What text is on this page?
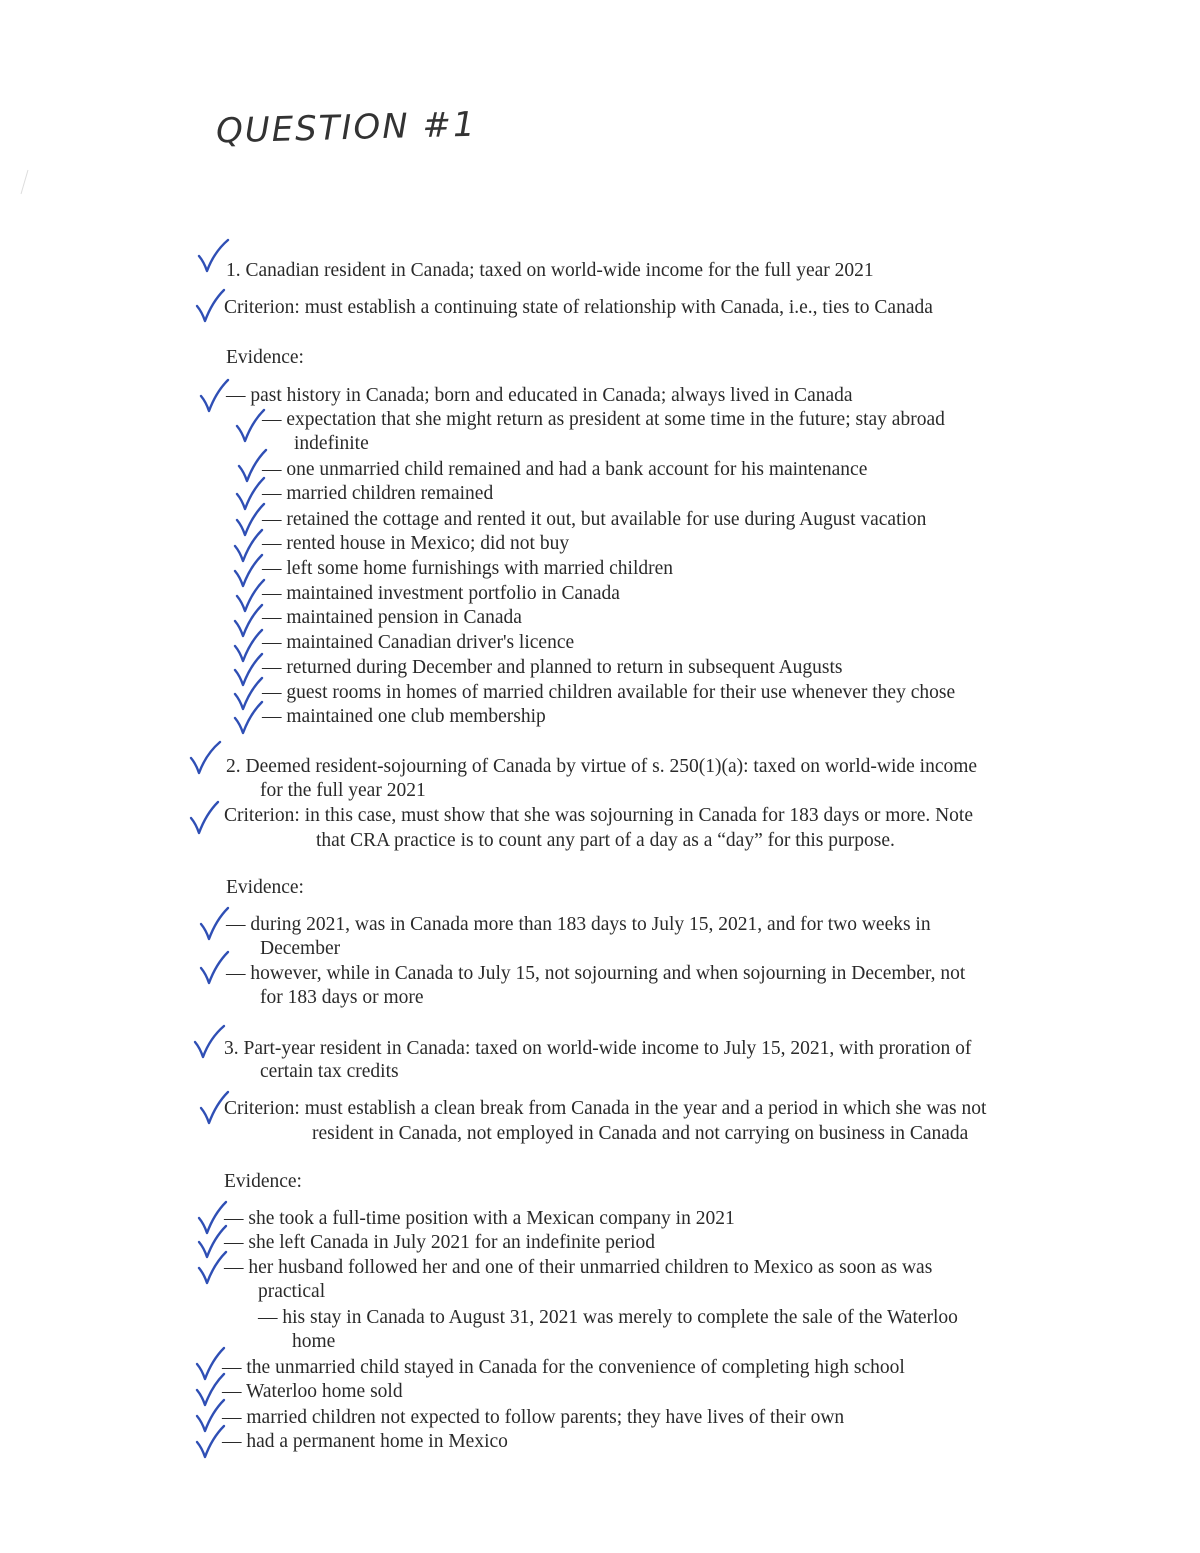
QUESTION #1
1. Canadian resident in Canada; taxed on world-wide income for the full year 2021
Criterion: must establish a continuing state of relationship with Canada, i.e., ties to Canada
Evidence:
— past history in Canada; born and educated in Canada; always lived in Canada
— expectation that she might return as president at some time in the future; stay abroad
indefinite
— one unmarried child remained and had a bank account for his maintenance
— married children remained
— retained the cottage and rented it out, but available for use during August vacation
— rented house in Mexico; did not buy
— left some home furnishings with married children
— maintained investment portfolio in Canada
— maintained pension in Canada
— maintained Canadian driver's licence
— returned during December and planned to return in subsequent Augusts
— guest rooms in homes of married children available for their use whenever they chose
— maintained one club membership
2. Deemed resident-sojourning of Canada by virtue of s. 250(1)(a): taxed on world-wide income
for the full year 2021
Criterion: in this case, must show that she was sojourning in Canada for 183 days or more. Note
that CRA practice is to count any part of a day as a “day” for this purpose.
Evidence:
— during 2021, was in Canada more than 183 days to July 15, 2021, and for two weeks in
December
— however, while in Canada to July 15, not sojourning and when sojourning in December, not
for 183 days or more
3. Part-year resident in Canada: taxed on world-wide income to July 15, 2021, with proration of
certain tax credits
Criterion: must establish a clean break from Canada in the year and a period in which she was not
resident in Canada, not employed in Canada and not carrying on business in Canada
Evidence:
— she took a full-time position with a Mexican company in 2021
— she left Canada in July 2021 for an indefinite period
— her husband followed her and one of their unmarried children to Mexico as soon as was
practical
— his stay in Canada to August 31, 2021 was merely to complete the sale of the Waterloo
home
— the unmarried child stayed in Canada for the convenience of completing high school
— Waterloo home sold
— married children not expected to follow parents; they have lives of their own
— had a permanent home in Mexico
